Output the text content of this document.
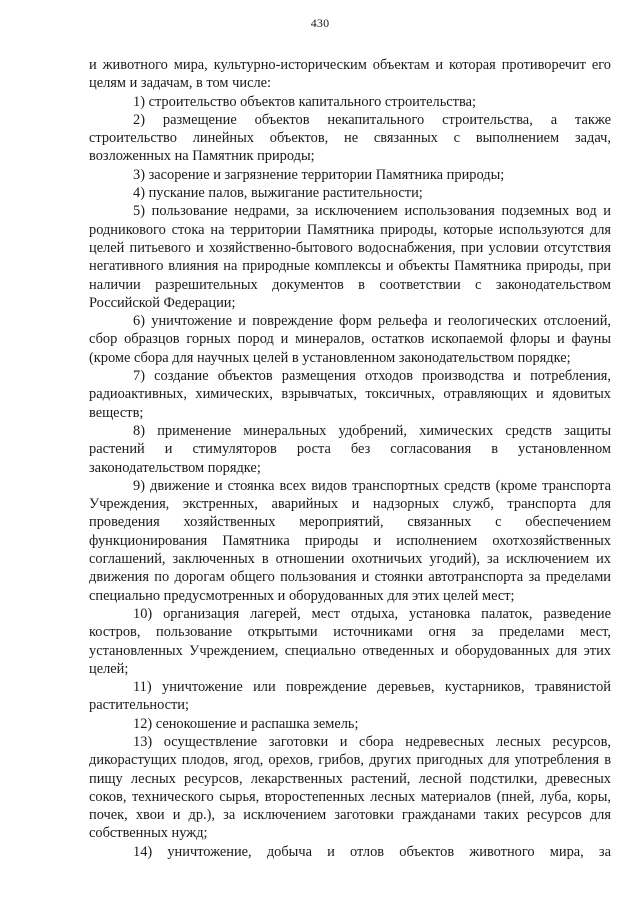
430

и животного мира, культурно-историческим объектам и которая противоречит его целям и задачам, в том числе:

1) строительство объектов капитального строительства;

2) размещение объектов некапитального строительства, а также строительство линейных объектов, не связанных с выполнением задач, возложенных на Памятник природы;

3) засорение и загрязнение территории Памятника природы;

4) пускание палов, выжигание растительности;

5) пользование недрами, за исключением использования подземных вод и родникового стока на территории Памятника природы, которые используются для целей питьевого и хозяйственно-бытового водоснабжения, при условии отсутствия негативного влияния на природные комплексы и объекты Памятника природы, при наличии разрешительных документов в соответствии с законодательством Российской Федерации;

6) уничтожение и повреждение форм рельефа и геологических отслоений, сбор образцов горных пород и минералов, остатков ископаемой флоры и фауны (кроме сбора для научных целей в установленном законодательством порядке;

7) создание объектов размещения отходов производства и потребления, радиоактивных, химических, взрывчатых, токсичных, отравляющих и ядовитых веществ;

8) применение минеральных удобрений, химических средств защиты растений и стимуляторов роста без согласования в установленном законодательством порядке;

9) движение и стоянка всех видов транспортных средств (кроме транспорта Учреждения, экстренных, аварийных и надзорных служб, транспорта для проведения хозяйственных мероприятий, связанных с обеспечением функционирования Памятника природы и исполнением охотхозяйственных соглашений, заключенных в отношении охотничьих угодий), за исключением их движения по дорогам общего пользования и стоянки автотранспорта за пределами специально предусмотренных и оборудованных для этих целей мест;

10) организация лагерей, мест отдыха, установка палаток, разведение костров, пользование открытыми источниками огня за пределами мест, установленных Учреждением, специально отведенных и оборудованных для этих целей;

11) уничтожение или повреждение деревьев, кустарников, травянистой растительности;

12) сенокошение и распашка земель;

13) осуществление заготовки и сбора недревесных лесных ресурсов, дикорастущих плодов, ягод, орехов, грибов, других пригодных для употребления в пищу лесных ресурсов, лекарственных растений, лесной подстилки, древесных соков, технического сырья, второстепенных лесных материалов (пней, луба, коры, почек, хвои и др.), за исключением заготовки гражданами таких ресурсов для собственных нужд;

14) уничтожение, добыча и отлов объектов животного мира, за
